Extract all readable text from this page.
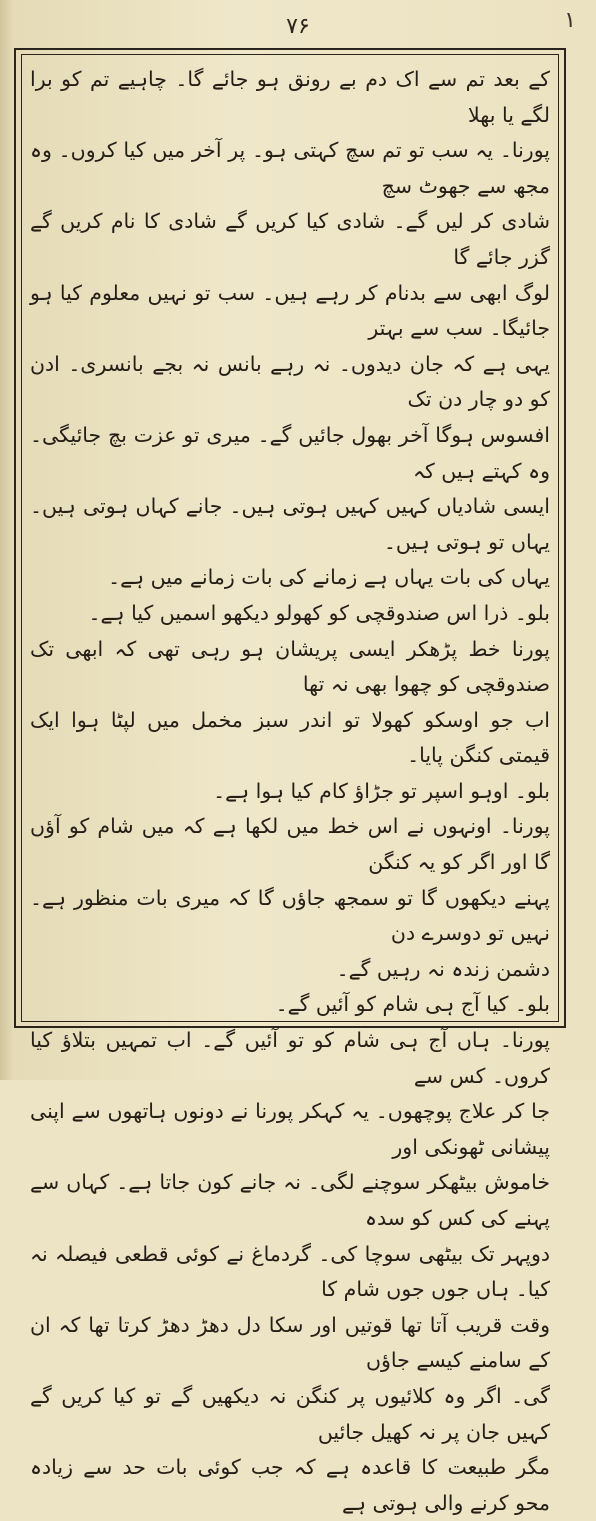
۷۶	۱

کے بعد تم سے اک دم بے رونق ہو جائے گا۔ چاہیے تم کو برا لگے یا بھلا

پورنا۔ یہ سب تو تم سچ کہتی ہو۔ پر آخر میں کیا کروں۔ وہ مجھ سے جھوٹ سچ

شادی کر لیں گے۔ شادی کیا کریں گے شادی کا نام کریں گے گزر جائے گا

لوگ ابھی سے بدنام کر رہے ہیں۔ سب تو نہیں معلوم کیا ہو جائیگا۔ سب سے بہتر

یہی ہے کہ جان دیدوں۔ نہ رہے بانس نہ بجے بانسری۔ ادن کو دو چار دن تک

افسوس ہوگا آخر بھول جائیں گے۔ میری تو عزت بچ جائیگی۔ وہ کہتے ہیں کہ

ایسی شادیاں کہیں کہیں ہوتی ہیں۔ جانے کہاں ہوتی ہیں۔ یہاں تو ہوتی ہیں۔

یہاں کی بات یہاں ہے زمانے کی بات زمانے میں ہے۔

بلو۔ ذرا اس صندوقچی کو کھولو دیکھو اسمیں کیا ہے۔

پورنا خط پڑھکر ایسی پریشان ہو رہی تھی کہ ابھی تک صندوقچی کو چھوا بھی نہ تھا

اب جو اوسکو کھولا تو اندر سبز مخمل میں لپٹا ہوا ایک قیمتی کنگن پایا۔

بلو۔ اوہو اسپر تو جڑاؤ کام کیا ہوا ہے۔

پورنا۔ اونہوں نے اس خط میں لکھا ہے کہ میں شام کو آؤں گا اور اگر کو یہ کنگن

پہنے دیکھوں گا تو سمجھ جاؤں گا کہ میری بات منظور ہے۔ نہیں تو دوسرے دن

دشمن زندہ نہ رہیں گے۔

بلو۔ کیا آج ہی شام کو آئیں گے۔

پورنا۔ ہاں آج ہی شام کو تو آئیں گے۔ اب تمہیں بتلاؤ کیا کروں۔ کس سے

جا کر علاج پوچھوں۔ یہ کہکر پورنا نے دونوں ہاتھوں سے اپنی پیشانی ٹھونکی اور

خاموش بیٹھکر سوچنے لگی۔ نہ جانے کون جاتا ہے۔ کہاں سے پہنے کی کس کو سدہ

دوپہر تک بیٹھی سوچا کی۔ گردماغ نے کوئی قطعی فیصلہ نہ کیا۔ ہاں جوں جوں شام کا

وقت قریب آتا تھا قوتیں اور سکا دل دھڑ دھڑ کرتا تھا کہ ان کے سامنے کیسے جاؤں

گی۔ اگر وہ کلائیوں پر کنگن نہ دیکھیں گے تو کیا کریں گے کہیں جان پر نہ کھیل جائیں

مگر طبیعت کا قاعدہ ہے کہ جب کوئی بات حد سے زیادہ محو کرنے والی ہوتی ہے
